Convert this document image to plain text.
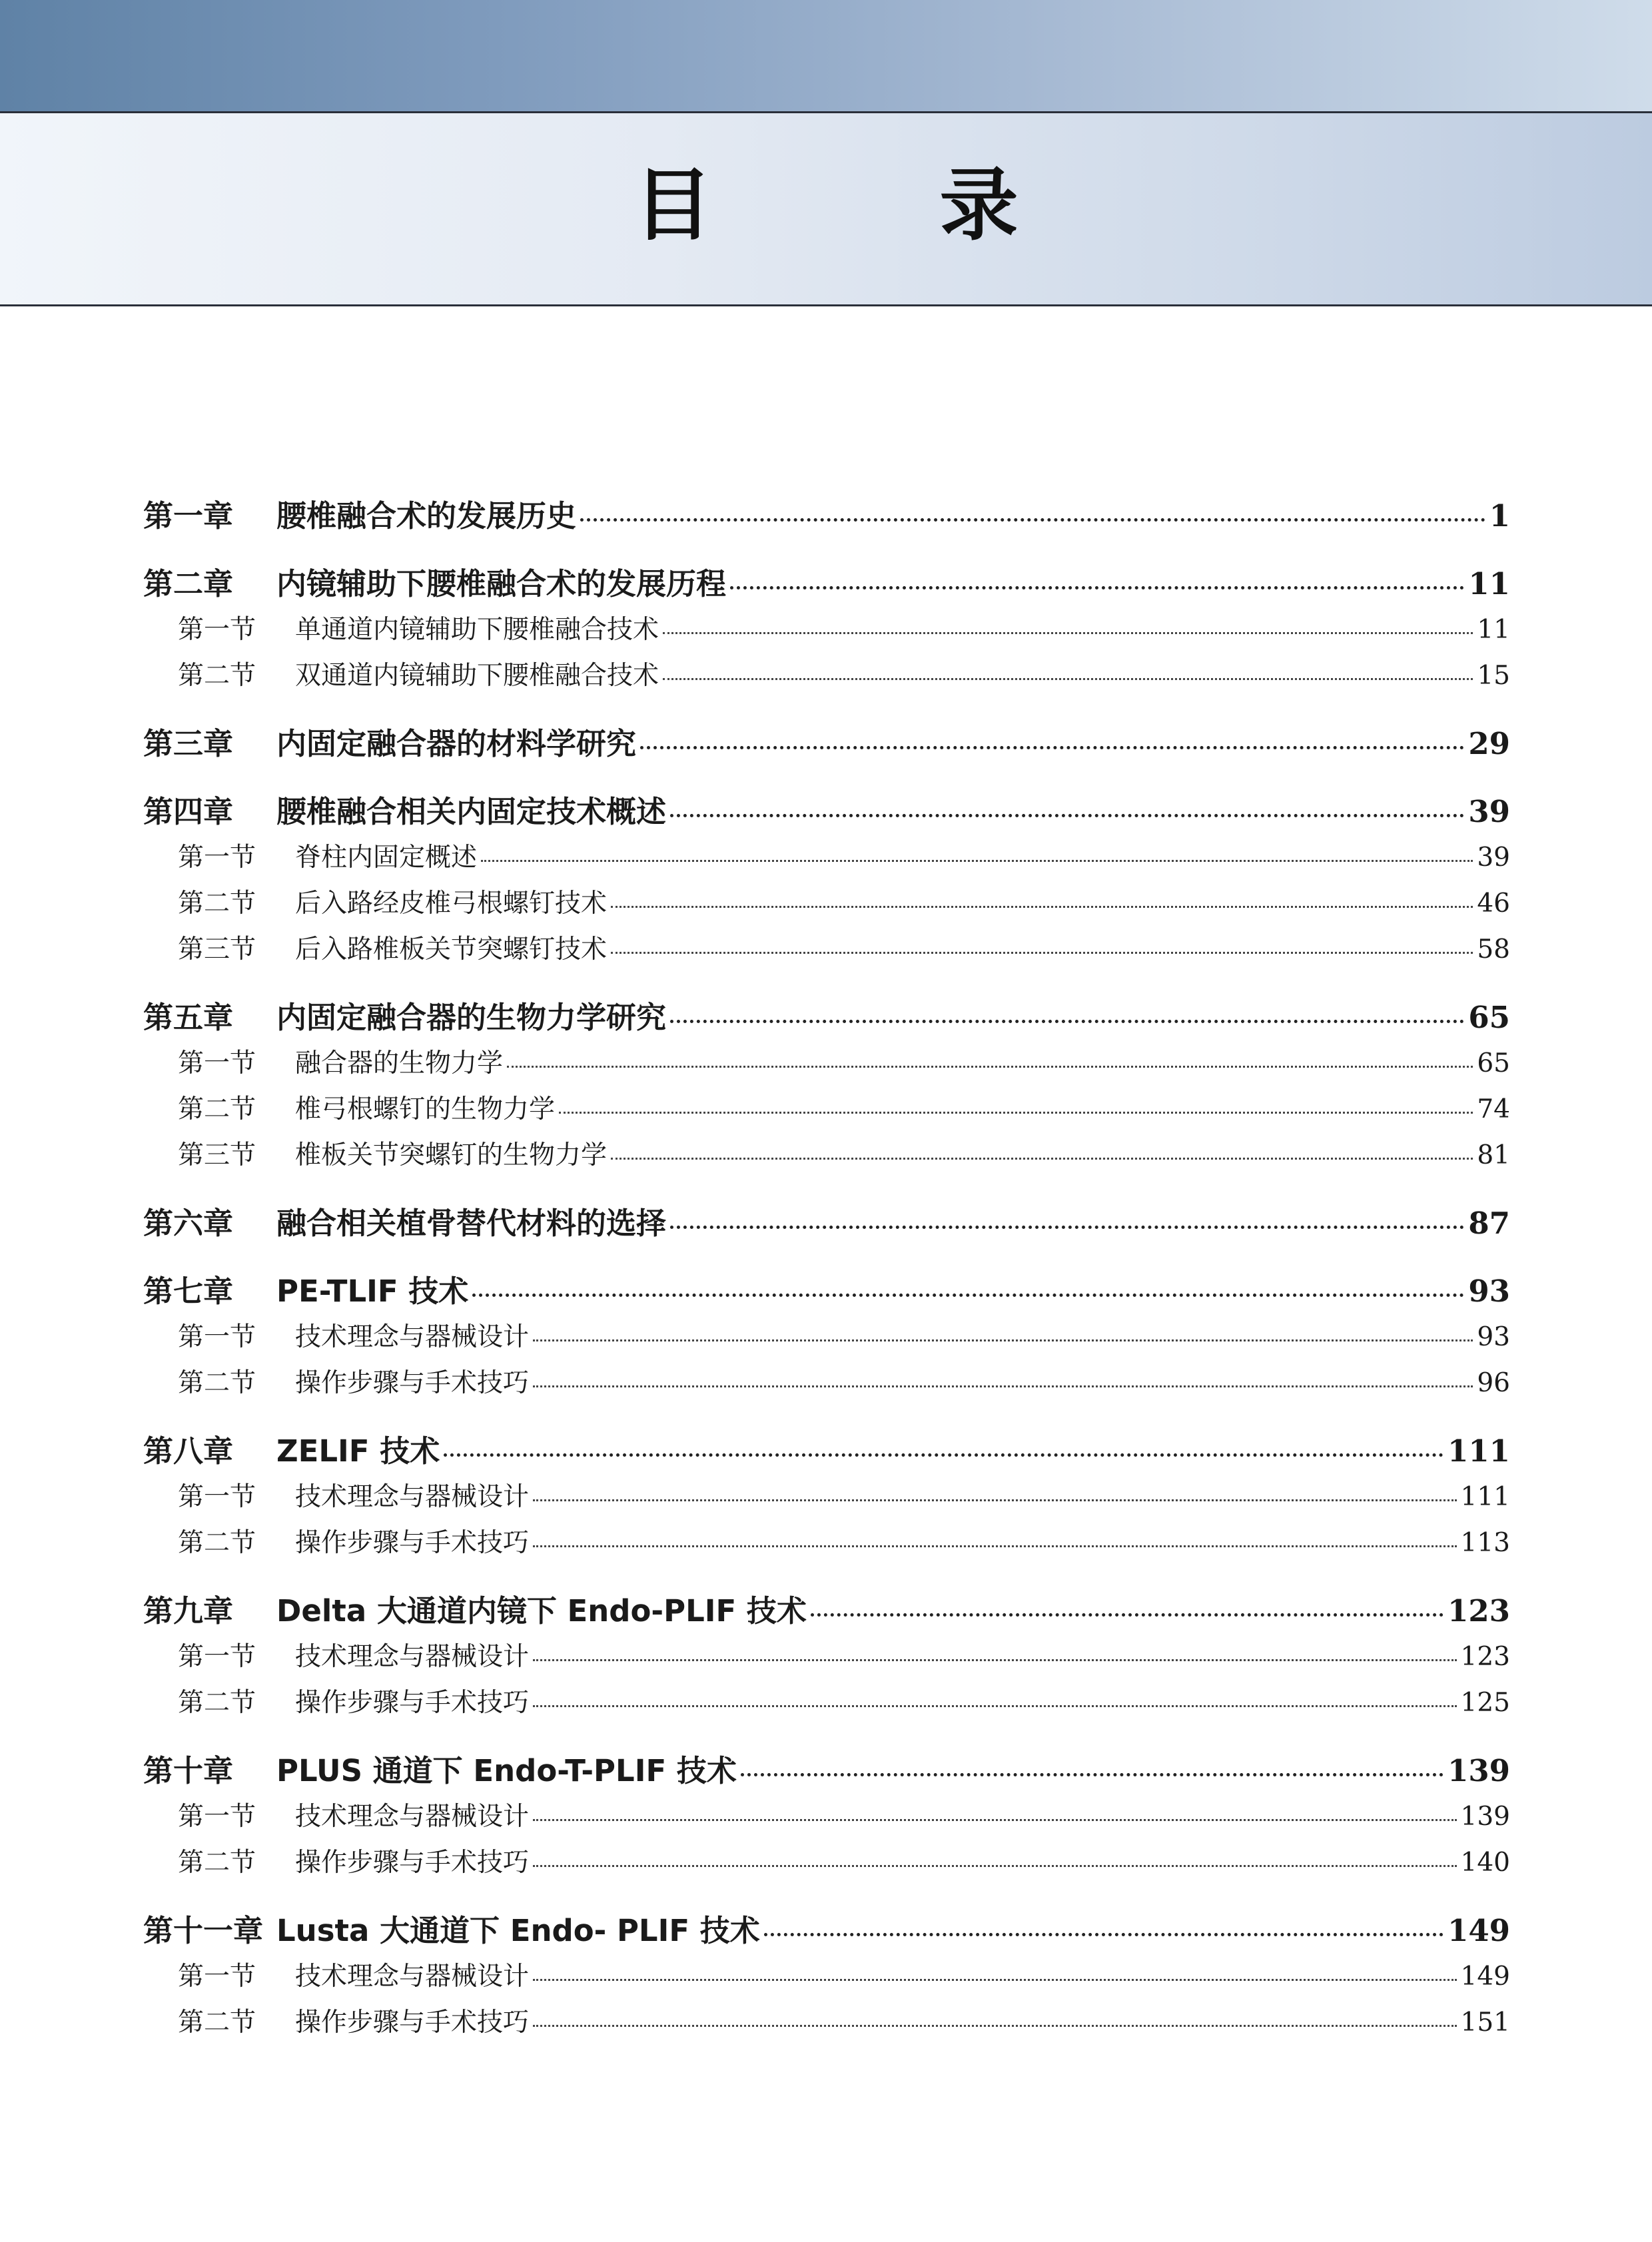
目 录
第一章	腰椎融合术的发展历史	1
第二章	内镜辅助下腰椎融合术的发展历程	11
第一节	单通道内镜辅助下腰椎融合技术	11
第二节	双通道内镜辅助下腰椎融合技术	15
第三章	内固定融合器的材料学研究	29
第四章	腰椎融合相关内固定技术概述	39
第一节	脊柱内固定概述	39
第二节	后入路经皮椎弓根螺钉技术	46
第三节	后入路椎板关节突螺钉技术	58
第五章	内固定融合器的生物力学研究	65
第一节	融合器的生物力学	65
第二节	椎弓根螺钉的生物力学	74
第三节	椎板关节突螺钉的生物力学	81
第六章	融合相关植骨替代材料的选择	87
第七章	PE-TLIF 技术	93
第一节	技术理念与器械设计	93
第二节	操作步骤与手术技巧	96
第八章	ZELIF 技术	111
第一节	技术理念与器械设计	111
第二节	操作步骤与手术技巧	113
第九章	Delta 大通道内镜下 Endo-PLIF 技术	123
第一节	技术理念与器械设计	123
第二节	操作步骤与手术技巧	125
第十章	PLUS 通道下 Endo-T-PLIF 技术	139
第一节	技术理念与器械设计	139
第二节	操作步骤与手术技巧	140
第十一章 Lusta 大通道下 Endo- PLIF 技术	149
第一节	技术理念与器械设计	149
第二节	操作步骤与手术技巧	151
